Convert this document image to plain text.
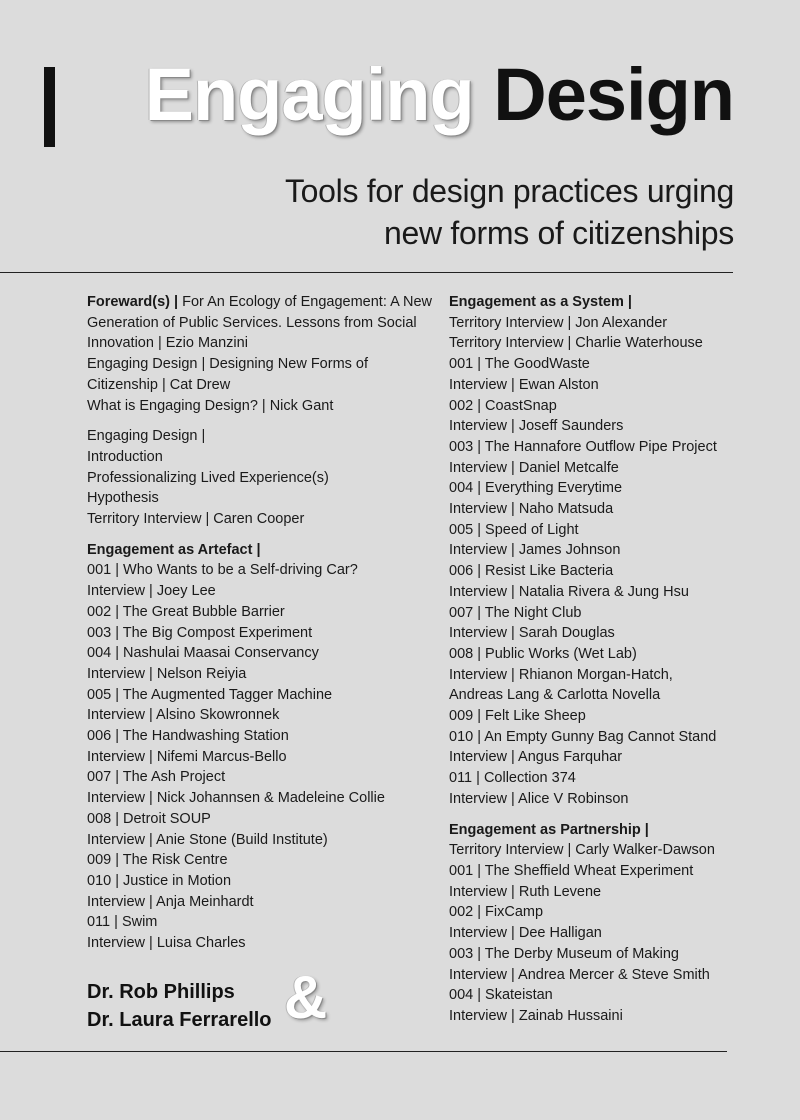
Engaging Design
Tools for design practices urging
new forms of citizenships
Foreward(s) | For An Ecology of Engagement: A New Generation of Public Services. Lessons from Social Innovation | Ezio Manzini
Engaging Design | Designing New Forms of Citizenship | Cat Drew
What is Engaging Design? | Nick Gant
Engaging Design |
Introduction
Professionalizing Lived Experience(s)
Hypothesis
Territory Interview | Caren Cooper
Engagement as Artefact |
001 | Who Wants to be a Self-driving Car?
Interview | Joey Lee
002 | The Great Bubble Barrier
003 | The Big Compost Experiment
004 | Nashulai Maasai Conservancy
Interview | Nelson Reiyia
005 | The Augmented Tagger Machine
Interview | Alsino Skowronnek
006 | The Handwashing Station
Interview | Nifemi Marcus-Bello
007 | The Ash Project
Interview | Nick Johannsen & Madeleine Collie
008 | Detroit SOUP
Interview | Anie Stone (Build Institute)
009 | The Risk Centre
010 | Justice in Motion
Interview | Anja Meinhardt
011 | Swim
Interview | Luisa Charles
Engagement as a System |
Territory Interview | Jon Alexander
Territory Interview | Charlie Waterhouse
001 | The GoodWaste
Interview | Ewan Alston
002 | CoastSnap
Interview | Joseff Saunders
003 | The Hannafore Outflow Pipe Project
Interview | Daniel Metcalfe
004 | Everything Everytime
Interview | Naho Matsuda
005 | Speed of Light
Interview | James Johnson
006 | Resist Like Bacteria
Interview | Natalia Rivera & Jung Hsu
007 | The Night Club
Interview | Sarah Douglas
008 | Public Works (Wet Lab)
Interview | Rhianon Morgan-Hatch,
Andreas Lang & Carlotta Novella
009 | Felt Like Sheep
010 | An Empty Gunny Bag Cannot Stand
Interview | Angus Farquhar
011 | Collection 374
Interview | Alice V Robinson
Engagement as Partnership |
Territory Interview | Carly Walker-Dawson
001 | The Sheffield Wheat Experiment
Interview | Ruth Levene
002 | FixCamp
Interview | Dee Halligan
003 | The Derby Museum of Making
Interview | Andrea Mercer & Steve Smith
004 | Skateistan
Interview | Zainab Hussaini
Dr. Rob Phillips
Dr. Laura Ferrarello &
